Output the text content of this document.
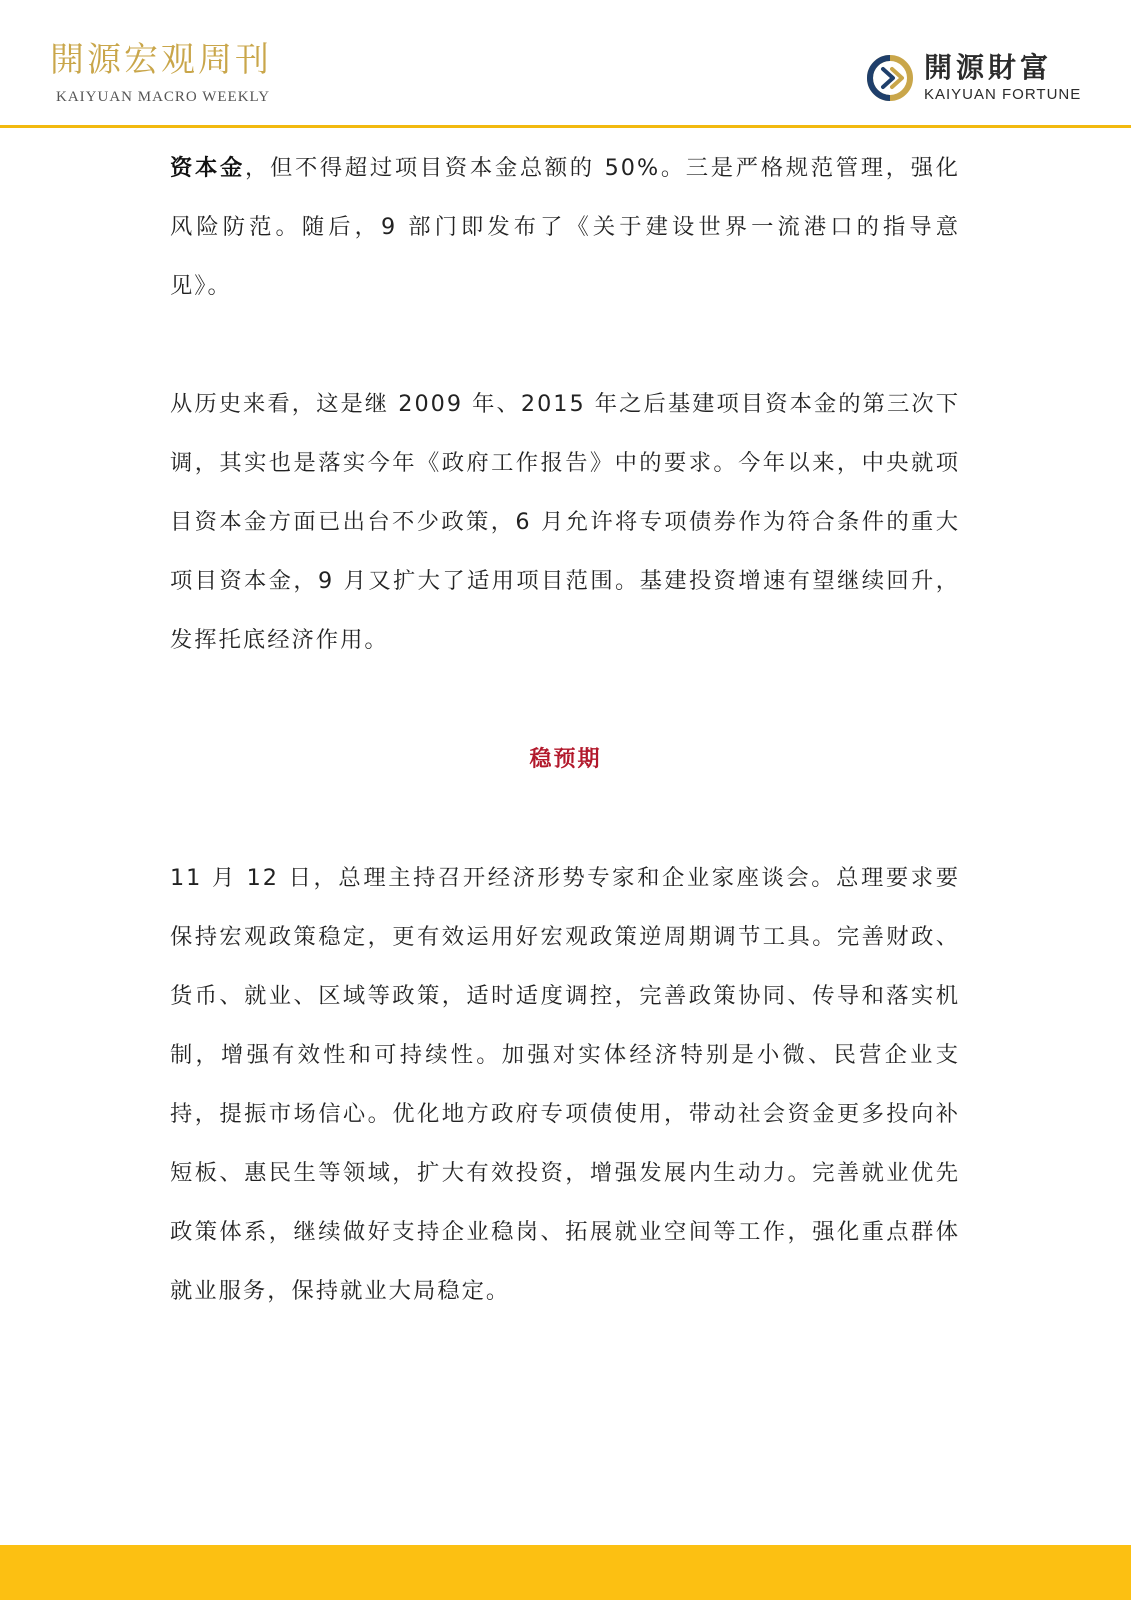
開源宏观周刊
KAIYUAN MACRO WEEKLY
開源財富
KAIYUAN FORTUNE

资本金，但不得超过项目资本金总额的 50%。三是严格规范管理，强化风险防范。随后，9 部门即发布了《关于建设世界一流港口的指导意见》。

从历史来看，这是继 2009 年、2015 年之后基建项目资本金的第三次下调，其实也是落实今年《政府工作报告》中的要求。今年以来，中央就项目资本金方面已出台不少政策，6 月允许将专项债券作为符合条件的重大项目资本金，9 月又扩大了适用项目范围。基建投资增速有望继续回升，发挥托底经济作用。

稳预期

11 月 12 日，总理主持召开经济形势专家和企业家座谈会。总理要求要保持宏观政策稳定，更有效运用好宏观政策逆周期调节工具。完善财政、货币、就业、区域等政策，适时适度调控，完善政策协同、传导和落实机制，增强有效性和可持续性。加强对实体经济特别是小微、民营企业支持，提振市场信心。优化地方政府专项债使用，带动社会资金更多投向补短板、惠民生等领域，扩大有效投资，增强发展内生动力。完善就业优先政策体系，继续做好支持企业稳岗、拓展就业空间等工作，强化重点群体就业服务，保持就业大局稳定。
